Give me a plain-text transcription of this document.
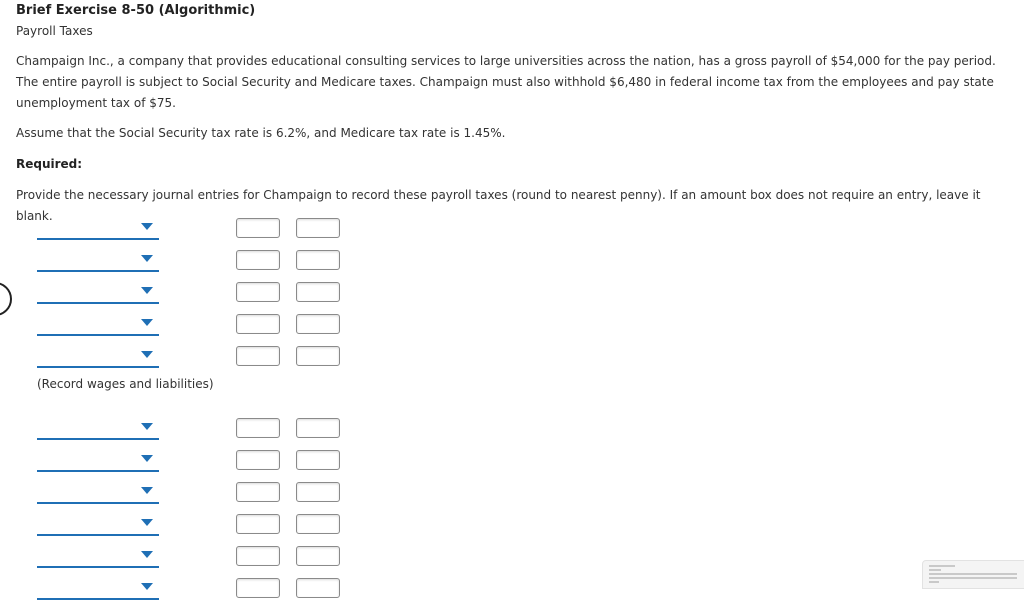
Brief Exercise 8-50 (Algorithmic)
Payroll Taxes

Champaign Inc., a company that provides educational consulting services to large universities across the nation, has a gross payroll of $54,000 for the pay period. The entire payroll is subject to Social Security and Medicare taxes. Champaign must also withhold $6,480 in federal income tax from the employees and pay state unemployment tax of $75.

Assume that the Social Security tax rate is 6.2%, and Medicare tax rate is 1.45%.

Required:

Provide the necessary journal entries for Champaign to record these payroll taxes (round to nearest penny). If an amount box does not require an entry, leave it blank.

(Record wages and liabilities)
